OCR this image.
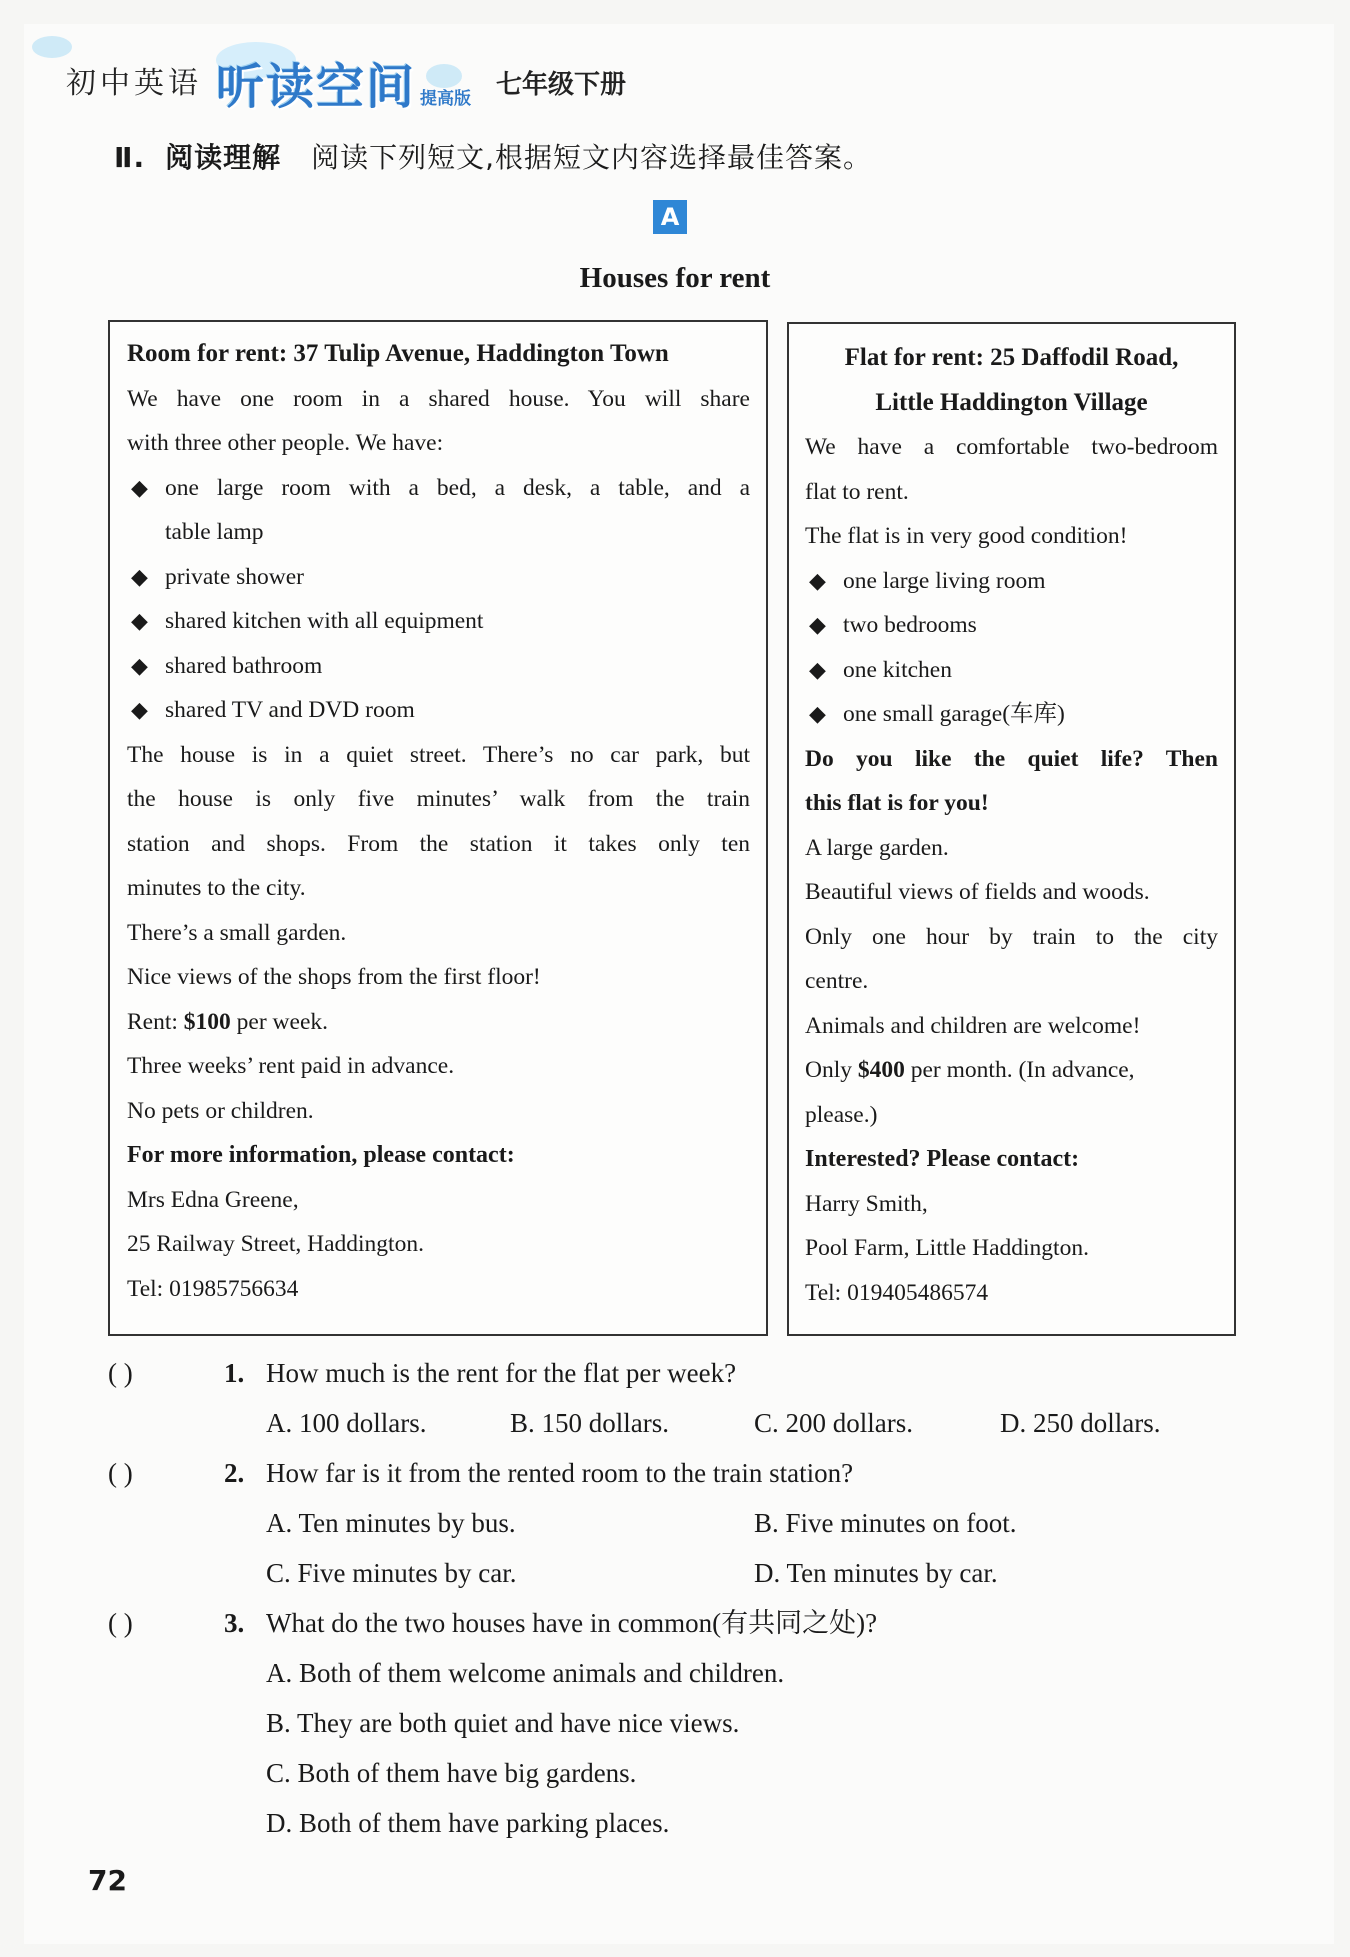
初中英语 听读空间 提高版 七年级下册
Ⅱ. 阅读理解 阅读下列短文,根据短文内容选择最佳答案。
A
Houses for rent

Room for rent: 37 Tulip Avenue, Haddington Town

We have one room in a shared house. You will share

with three other people. We have:

◆ one large room with a bed, a desk, a table, and a

table lamp

◆ private shower

◆ shared kitchen with all equipment

◆ shared bathroom

◆ shared TV and DVD room

The house is in a quiet street. There’s no car park, but

the house is only five minutes’ walk from the train

station and shops. From the station it takes only ten

minutes to the city.

There’s a small garden.

Nice views of the shops from the first floor!

Rent: $100 per week.

Three weeks’ rent paid in advance.

No pets or children.

For more information, please contact:

Mrs Edna Greene,

25 Railway Street, Haddington.

Tel: 01985756634

Flat for rent: 25 Daffodil Road,

Little Haddington Village

We have a comfortable two-bedroom

flat to rent.

The flat is in very good condition!

◆ one large living room

◆ two bedrooms

◆ one kitchen

◆ one small garage(车库)

Do you like the quiet life? Then

this flat is for you!

A large garden.

Beautiful views of fields and woods.

Only one hour by train to the city

centre.

Animals and children are welcome!

Only $400 per month. (In advance,

please.)

Interested? Please contact:

Harry Smith,

Pool Farm, Little Haddington.

Tel: 019405486574

( )	1. How much is the rent for the flat per week?
A. 100 dollars.	B. 150 dollars.	C. 200 dollars.	D. 250 dollars.
( )	2. How far is it from the rented room to the train station?
A. Ten minutes by bus.	B. Five minutes on foot.
C. Five minutes by car.	D. Ten minutes by car.
( )	3. What do the two houses have in common(有共同之处)?
A. Both of them welcome animals and children.
B. They are both quiet and have nice views.
C. Both of them have big gardens.
D. Both of them have parking places.
72
